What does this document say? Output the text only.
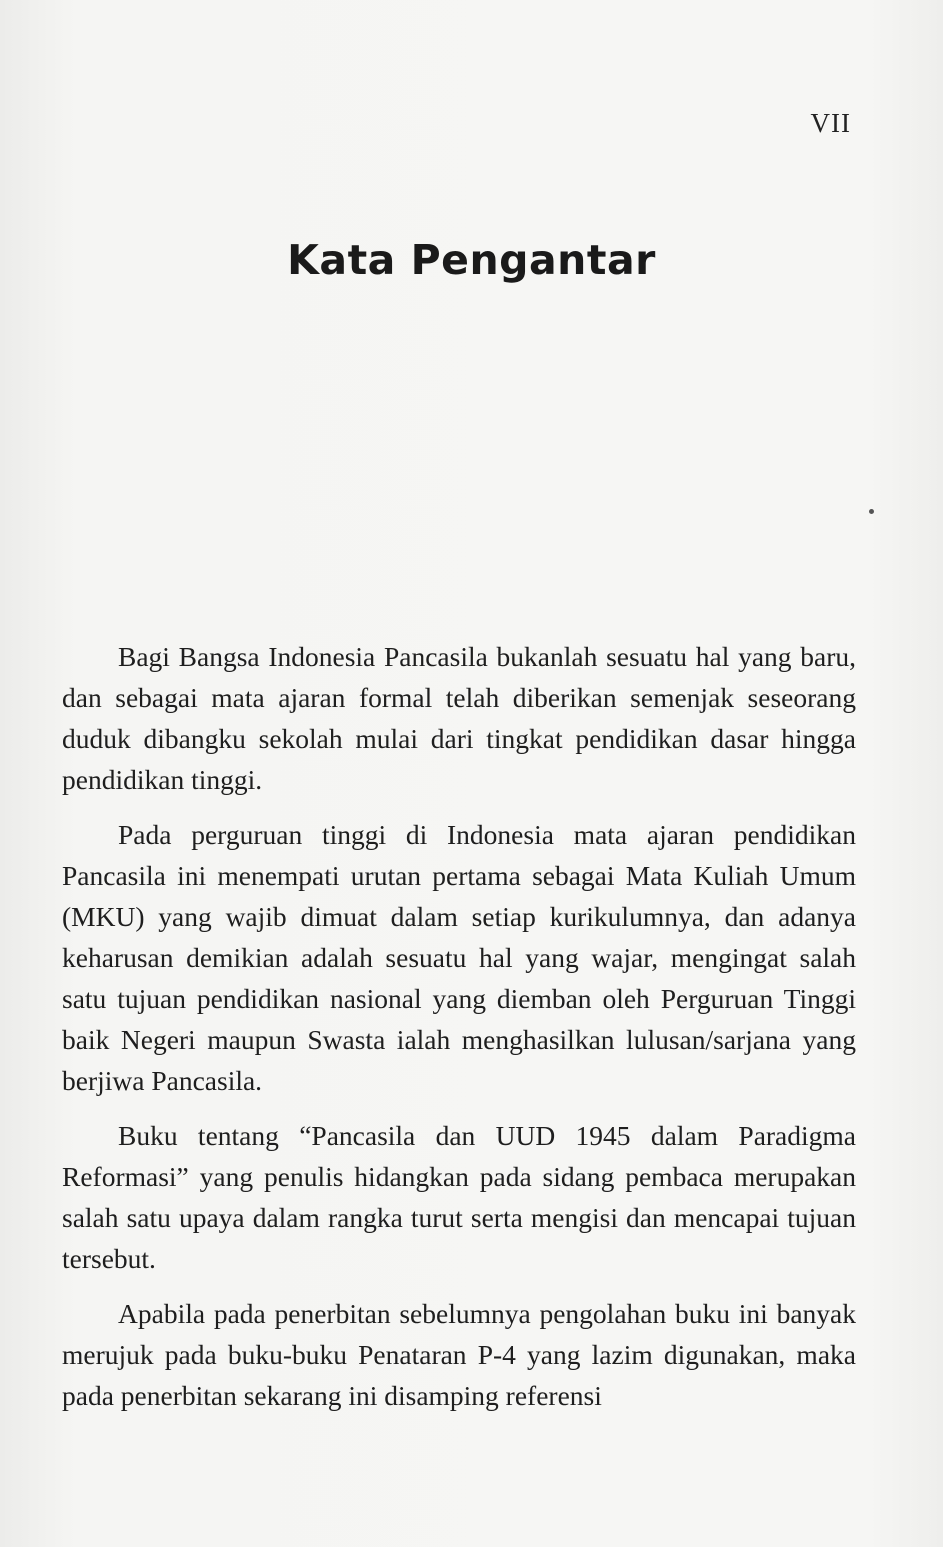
VII
Kata Pengantar

Bagi Bangsa Indonesia Pancasila bukanlah sesuatu hal yang baru, dan sebagai mata ajaran formal telah diberikan semenjak seseorang duduk dibangku sekolah mulai dari tingkat pendidikan dasar hingga pendidikan tinggi.

Pada perguruan tinggi di Indonesia mata ajaran pendidikan Pancasila ini menempati urutan pertama sebagai Mata Kuliah Umum (MKU) yang wajib dimuat dalam setiap kurikulumnya, dan adanya keharusan demikian adalah sesuatu hal yang wajar, mengingat salah satu tujuan pendidikan nasional yang diemban oleh Perguruan Tinggi baik Negeri maupun Swasta ialah menghasilkan lulusan/sarjana yang berjiwa Pancasila.

Buku tentang “Pancasila dan UUD 1945 dalam Paradigma Reformasi” yang penulis hidangkan pada sidang pembaca merupakan salah satu upaya dalam rangka turut serta mengisi dan mencapai tujuan tersebut.

Apabila pada penerbitan sebelumnya pengolahan buku ini banyak merujuk pada buku-buku Penataran P-4 yang lazim digunakan, maka pada penerbitan sekarang ini disamping referensi
